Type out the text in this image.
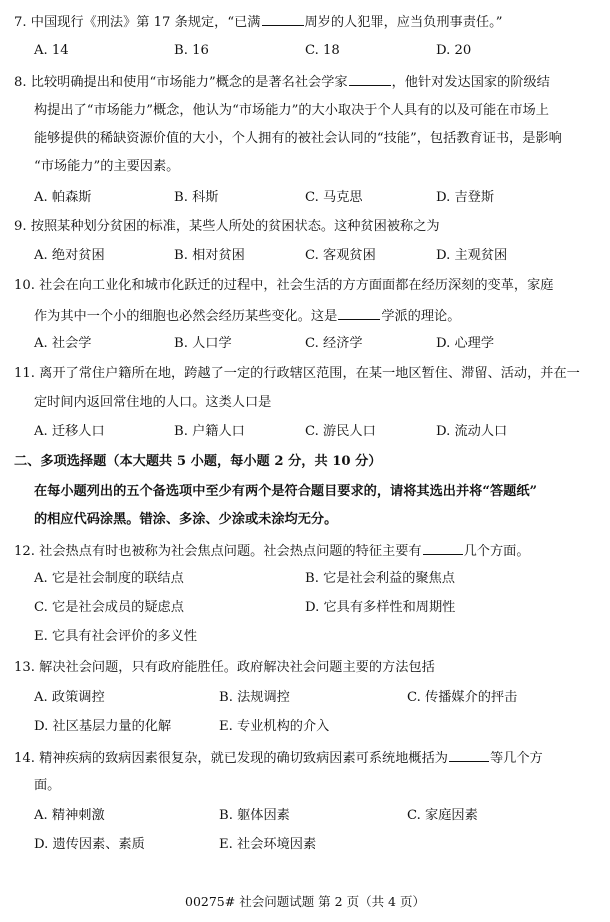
7. 中国现行《刑法》第 17 条规定，“已满	周岁的人犯罪，应当负刑事责任。”
A. 14	B. 16	C. 18	D. 20
8. 比较明确提出和使用“市场能力”概念的是著名社会学家	，他针对发达国家的阶级结
构提出了“市场能力”概念，他认为“市场能力”的大小取决于个人具有的以及可能在市场上
能够提供的稀缺资源价值的大小，个人拥有的被社会认同的“技能”，包括教育证书，是影响
“市场能力”的主要因素。
A. 帕森斯	B. 科斯	C. 马克思	D. 吉登斯
9. 按照某种划分贫困的标准，某些人所处的贫困状态。这种贫困被称之为
A. 绝对贫困	B. 相对贫困	C. 客观贫困	D. 主观贫困
10. 社会在向工业化和城市化跃迁的过程中，社会生活的方方面面都在经历深刻的变革，家庭
作为其中一个小的细胞也必然会经历某些变化。这是	学派的理论。
A. 社会学	B. 人口学	C. 经济学	D. 心理学
11. 离开了常住户籍所在地，跨越了一定的行政辖区范围，在某一地区暂住、滞留、活动，并在一
定时间内返回常住地的人口。这类人口是
A. 迁移人口	B. 户籍人口	C. 游民人口	D. 流动人口
二、多项选择题（本大题共 5 小题，每小题 2 分，共 10 分）
在每小题列出的五个备选项中至少有两个是符合题目要求的，请将其选出并将“答题纸”
的相应代码涂黑。错涂、多涂、少涂或未涂均无分。
12. 社会热点有时也被称为社会焦点问题。社会热点问题的特征主要有	几个方面。
A. 它是社会制度的联结点	B. 它是社会利益的聚焦点
C. 它是社会成员的疑虑点	D. 它具有多样性和周期性
E. 它具有社会评价的多义性
13. 解决社会问题，只有政府能胜任。政府解决社会问题主要的方法包括
A. 政策调控	B. 法规调控	C. 传播媒介的抨击
D. 社区基层力量的化解	E. 专业机构的介入
14. 精神疾病的致病因素很复杂，就已发现的确切致病因素可系统地概括为	等几个方
面。
A. 精神刺激	B. 躯体因素	C. 家庭因素
D. 遗传因素、素质	E. 社会环境因素
00275# 社会问题试题 第 2 页（共 4 页）
